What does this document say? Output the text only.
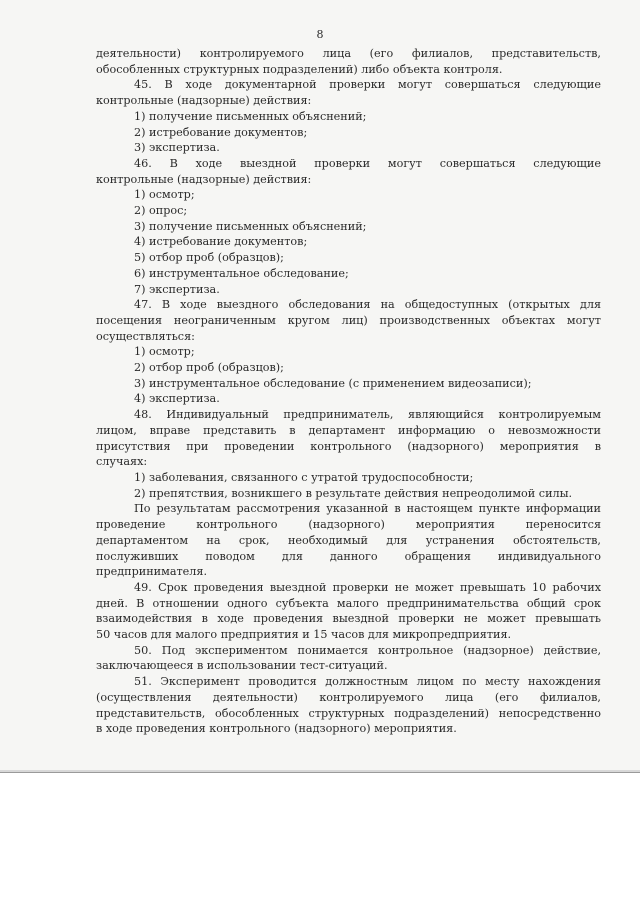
8

деятельности) контролируемого лица (его филиалов, представительств,

обособленных структурных подразделений) либо объекта контроля.

45. В ходе документарной проверки могут совершаться следующие

контрольные (надзорные) действия:

1) получение письменных объяснений;

2) истребование документов;

3) экспертиза.

46. В ходе выездной проверки могут совершаться следующие

контрольные (надзорные) действия:

1) осмотр;

2) опрос;

3) получение письменных объяснений;

4) истребование документов;

5) отбор проб (образцов);

6) инструментальное обследование;

7) экспертиза.

47. В ходе выездного обследования на общедоступных (открытых для

посещения неограниченным кругом лиц) производственных объектах могут

осуществляться:

1) осмотр;

2) отбор проб (образцов);

3) инструментальное обследование (с применением видеозаписи);

4) экспертиза.

48. Индивидуальный предприниматель, являющийся контролируемым

лицом, вправе представить в департамент информацию о невозможности

присутствия при проведении контрольного (надзорного) мероприятия в

случаях:

1) заболевания, связанного с утратой трудоспособности;

2) препятствия, возникшего в результате действия непреодолимой силы.

По результатам рассмотрения указанной в настоящем пункте информации

проведение контрольного (надзорного) мероприятия переносится

департаментом на срок, необходимый для устранения обстоятельств,

послуживших поводом для данного обращения индивидуального

предпринимателя.

49. Срок проведения выездной проверки не может превышать 10 рабочих

дней. В отношении одного субъекта малого предпринимательства общий срок

взаимодействия в ходе проведения выездной проверки не может превышать

50 часов для малого предприятия и 15 часов для микропредприятия.

50. Под экспериментом понимается контрольное (надзорное) действие,

заключающееся в использовании тест-ситуаций.

51. Эксперимент проводится должностным лицом по месту нахождения

(осуществления деятельности) контролируемого лица (его филиалов,

представительств, обособленных структурных подразделений) непосредственно

в ходе проведения контрольного (надзорного) мероприятия.
